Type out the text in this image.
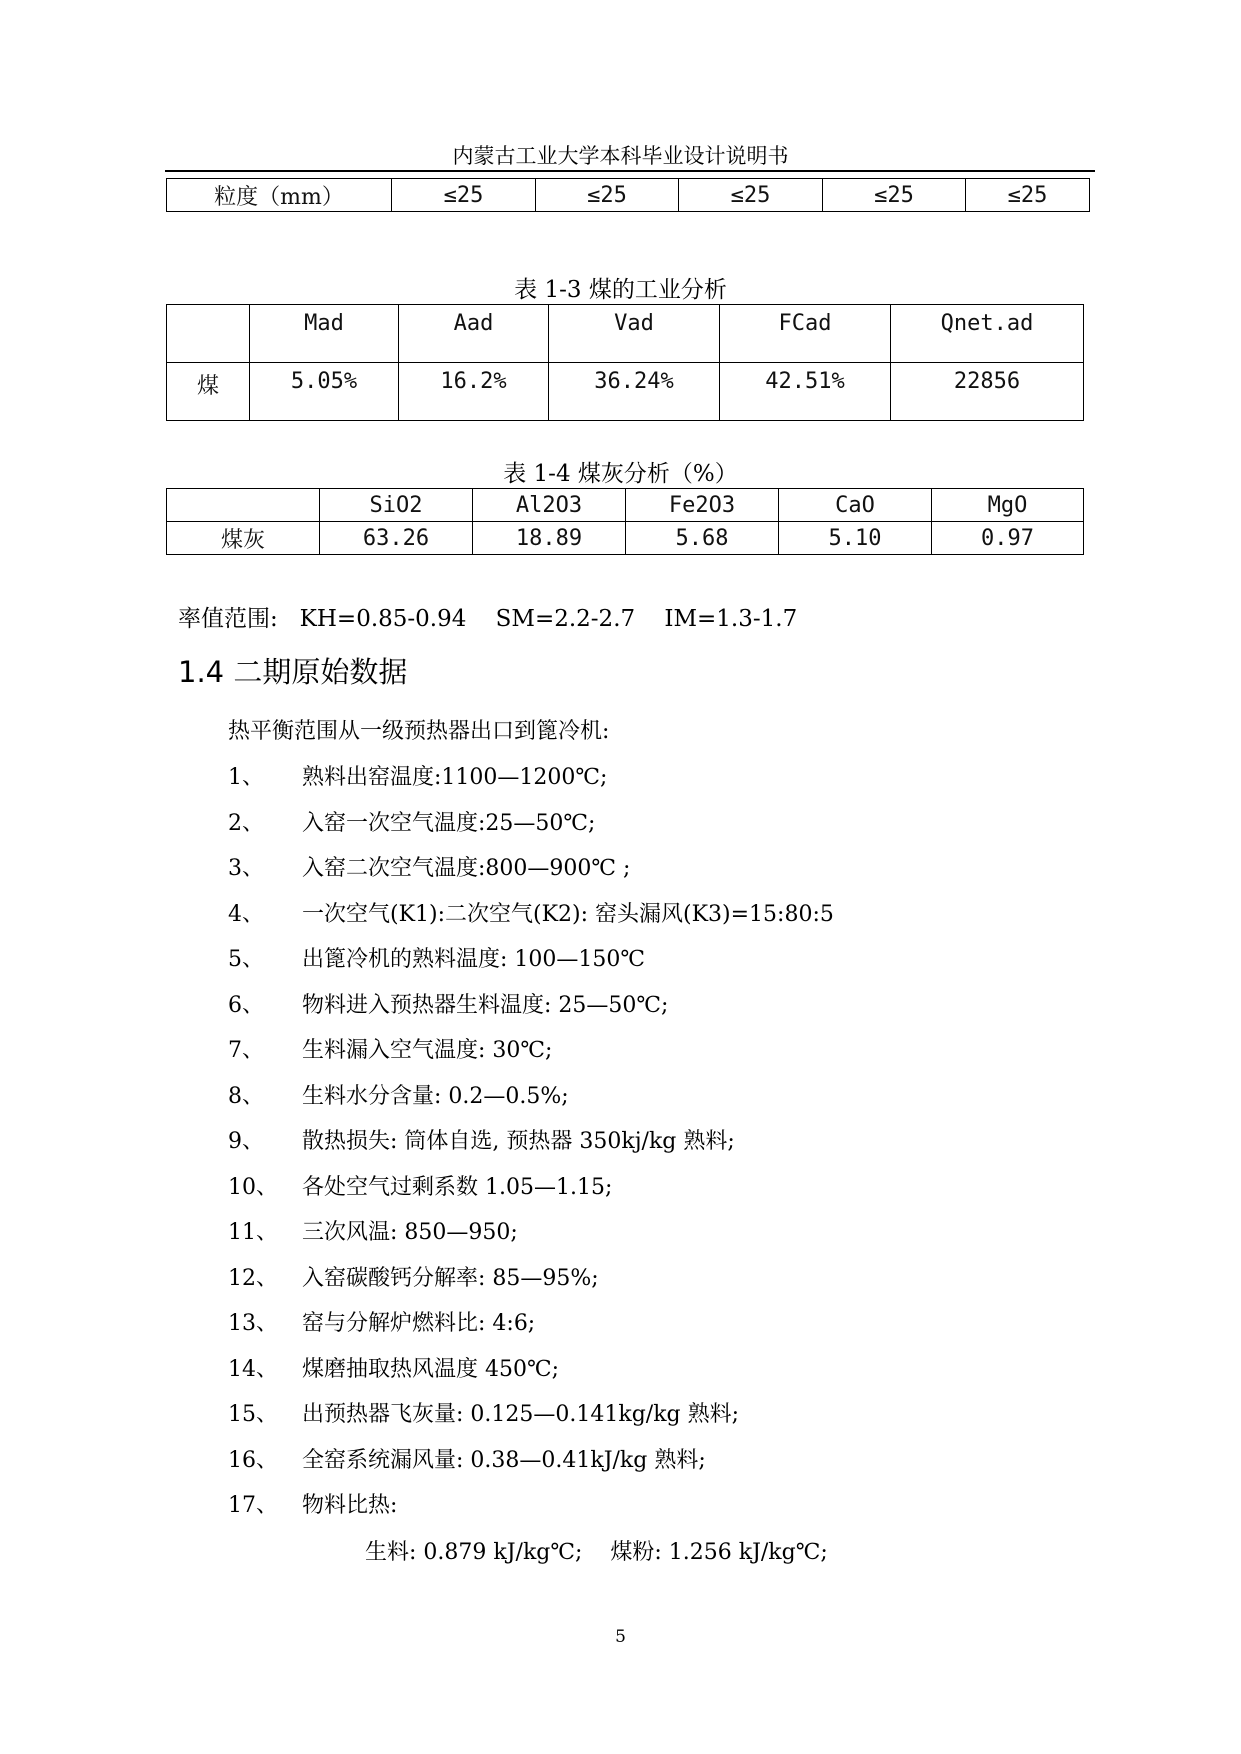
内蒙古工业大学本科毕业设计说明书
粒度（mm）	≤25	≤25	≤25	≤25	≤25
表 1-3 煤的工业分析
	Mad	Aad	Vad	FCad	Qnet.ad
煤	5.05%	16.2%	36.24%	42.51%	22856
表 1-4 煤灰分析（%）
	SiO2	Al2O3	Fe2O3	CaO	MgO
煤灰	63.26	18.89	5.68	5.10	0.97
率值范围:   KH=0.85-0.94    SM=2.2-2.7    IM=1.3-1.7
1.4 二期原始数据
热平衡范围从一级预热器出口到篦冷机:
1、 熟料出窑温度:1100—1200℃;
2、 入窑一次空气温度:25—50℃;
3、 入窑二次空气温度:800—900℃ ;
4、 一次空气(K1):二次空气(K2): 窑头漏风(K3)=15:80:5
5、 出篦冷机的熟料温度: 100—150℃
6、 物料进入预热器生料温度: 25—50℃;
7、 生料漏入空气温度: 30℃;
8、 生料水分含量: 0.2—0.5%;
9、 散热损失: 筒体自选, 预热器 350kj/kg 熟料;
10、 各处空气过剩系数 1.05—1.15;
11、 三次风温: 850—950;
12、 入窑碳酸钙分解率: 85—95%;
13、 窑与分解炉燃料比: 4:6;
14、 煤磨抽取热风温度 450℃;
15、 出预热器飞灰量: 0.125—0.141kg/kg 熟料;
16、 全窑系统漏风量: 0.38—0.41kJ/kg 熟料;
17、 物料比热:
生料: 0.879 kJ/kg℃;    煤粉: 1.256 kJ/kg℃;
5
